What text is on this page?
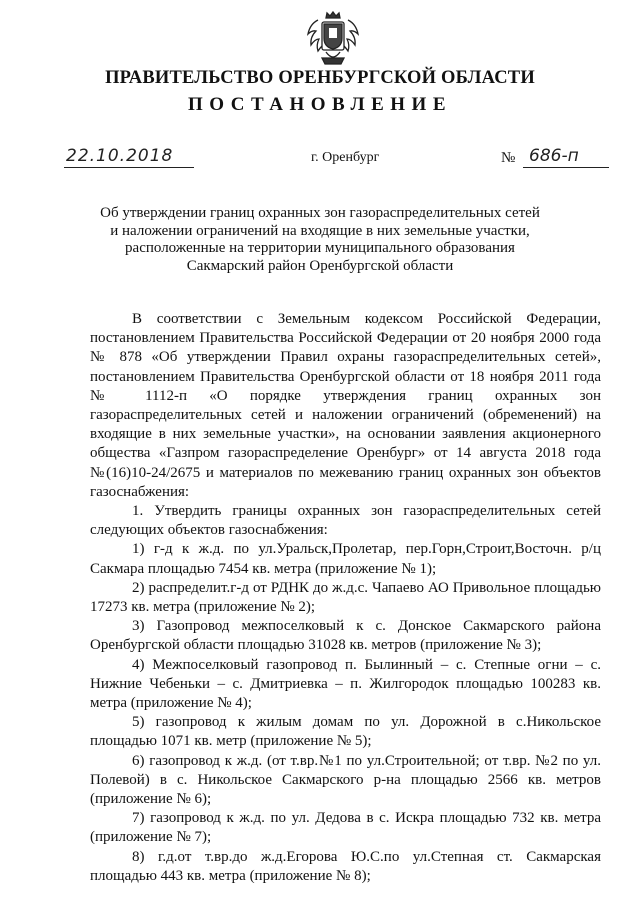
ПРАВИТЕЛЬСТВО ОРЕНБУРГСКОЙ ОБЛАСТИ
ПОСТАНОВЛЕНИЕ
22.10.2018	г. Оренбург	№ 686-п
Об утверждении границ охранных зон газораспределительных сетей
и наложении ограничений на входящие в них земельные участки,
расположенные на территории муниципального образования
Сакмарский район Оренбургской области

В соответствии с Земельным кодексом Российской Федерации, постановлением Правительства Российской Федерации от 20 ноября 2000 года № 878 «Об утверждении Правил охраны газораспределительных сетей», постановлением Правительства Оренбургской области от 18 ноября 2011 года № 1112-п «О порядке утверждения границ охранных зон газораспределительных сетей и наложении ограничений (обременений) на входящие в них земельные участки», на основании заявления акционерного общества «Газпром газораспределение Оренбург» от 14 августа 2018 года №(16)10-24/2675 и материалов по межеванию границ охранных зон объектов газоснабжения:

1. Утвердить границы охранных зон газораспределительных сетей следующих объектов газоснабжения:

1) г-д к ж.д. по ул.Уральск,Пролетар, пер.Горн,Строит,Восточн. р/ц Сакмара площадью 7454 кв. метра (приложение № 1);

2) распределит.г-д от РДНК до ж.д.с. Чапаево АО Привольное площадью 17273 кв. метра (приложение № 2);

3) Газопровод межпоселковый к с. Донское Сакмарского района Оренбургской области площадью 31028 кв. метров (приложение № 3);

4) Межпоселковый газопровод п. Былинный – с. Степные огни – с. Нижние Чебеньки – с. Дмитриевка – п. Жилгородок площадью 100283 кв. метра (приложение № 4);

5) газопровод к жилым домам по ул. Дорожной в с.Никольское площадью 1071 кв. метр (приложение № 5);

6) газопровод к ж.д. (от т.вр.№1 по ул.Строительной; от т.вр. №2 по ул. Полевой) в с. Никольское Сакмарского р-на площадью 2566 кв. метров (приложение № 6);

7) газопровод к ж.д. по ул. Дедова в с. Искра площадью 732 кв. метра (приложение № 7);

8) г.д.от т.вр.до ж.д.Егорова Ю.С.по ул.Степная ст. Сакмарская площадью 443 кв. метра (приложение № 8);
